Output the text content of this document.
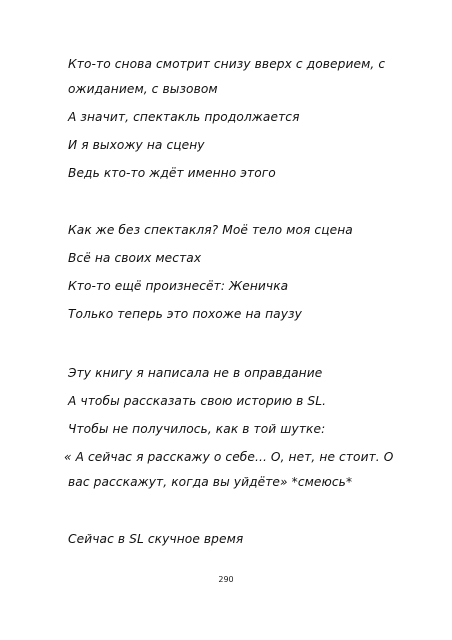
Кто-то снова смотрит снизу вверх с доверием, с
ожиданием, с вызовом
А значит, спектакль продолжается
И я выхожу на сцену
Ведь кто-то ждёт именно этого
Как же без спектакля? Моё тело моя сцена
Всё на своих местах
Кто-то ещё произнесёт: Женичка
Только теперь это похоже на паузу
Эту книгу я написала не в оправдание
А чтобы рассказать свою историю в SL.
Чтобы не получилось, как в той шутке:
« А сейчас я расскажу о себе... О, нет, не стоит. О
вас расскажут, когда вы уйдёте» *смеюсь*
Сейчас в SL скучное время
290
